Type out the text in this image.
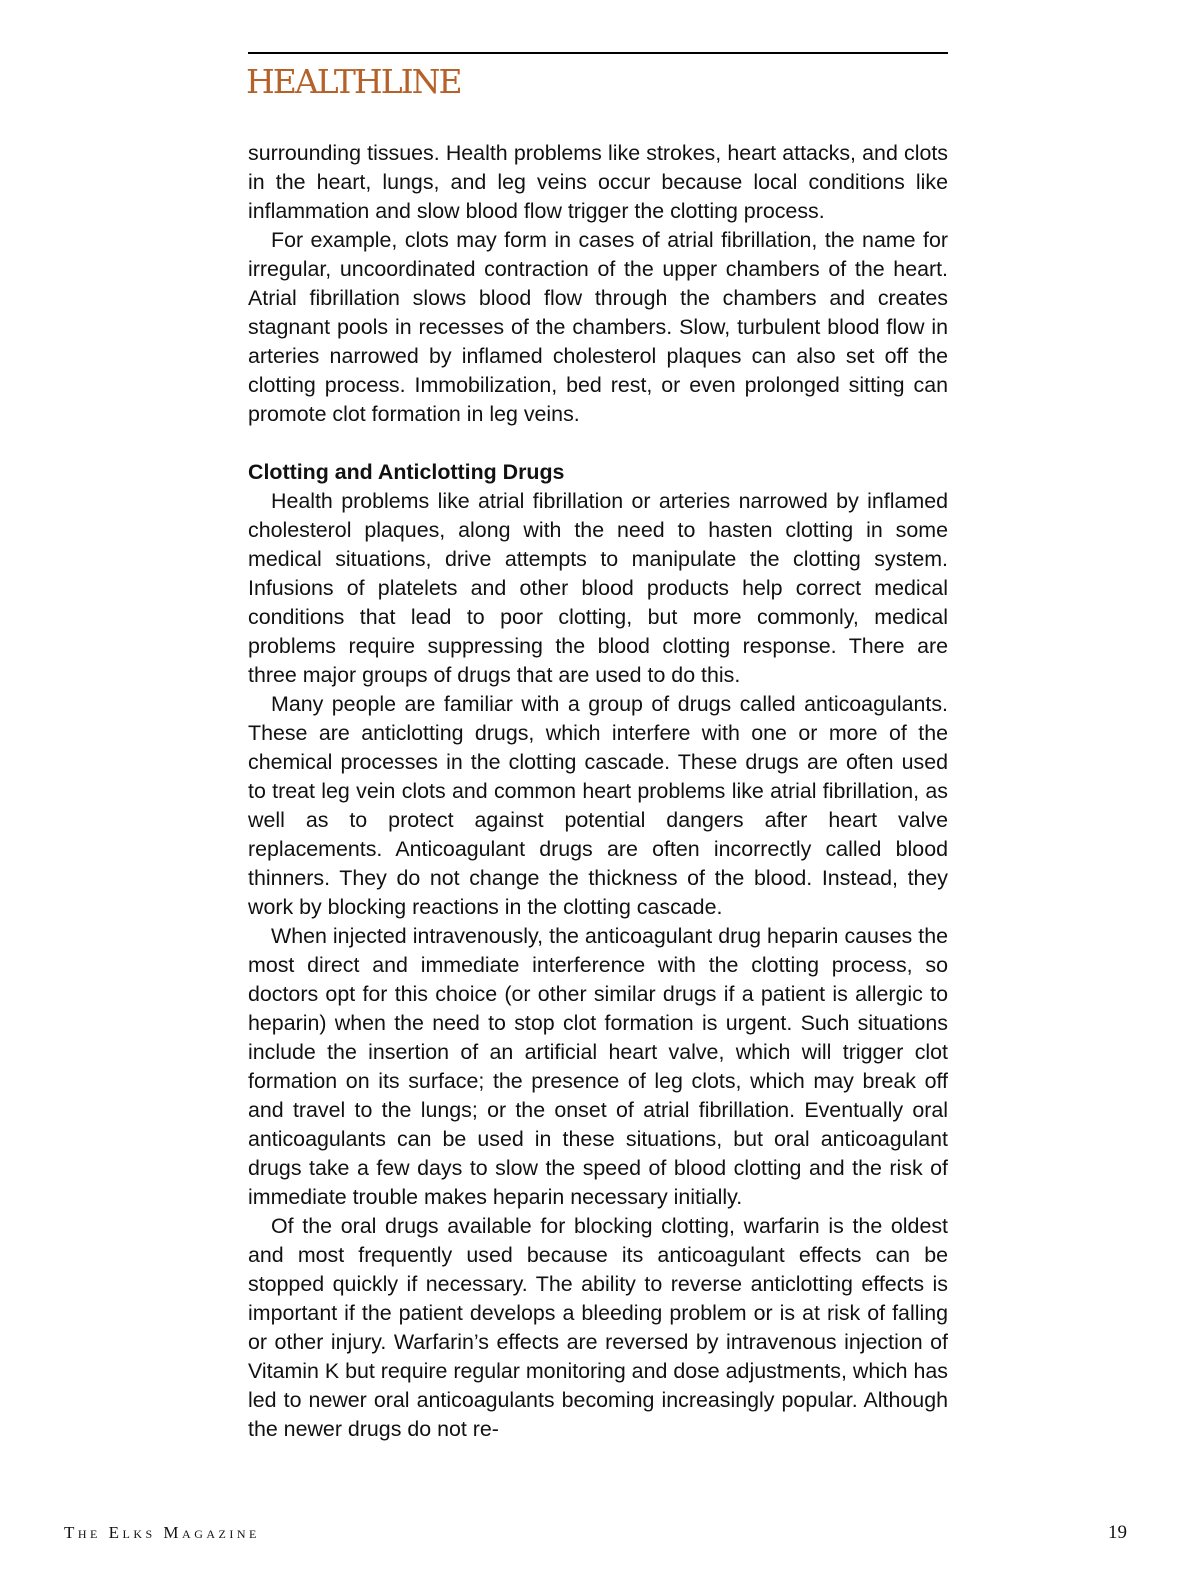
HEALTHLINE

surrounding tissues. Health problems like strokes, heart attacks, and clots in the heart, lungs, and leg veins occur because local conditions like inflammation and slow blood flow trigger the clotting process.

For example, clots may form in cases of atrial fibrillation, the name for irregular, uncoordinated contraction of the upper chambers of the heart. Atrial fibrillation slows blood flow through the chambers and creates stagnant pools in recesses of the chambers. Slow, turbulent blood flow in arteries narrowed by inflamed cholesterol plaques can also set off the clotting process. Immobilization, bed rest, or even prolonged sitting can promote clot formation in leg veins.

Clotting and Anticlotting Drugs

Health problems like atrial fibrillation or arteries narrowed by inflamed cholesterol plaques, along with the need to hasten clotting in some medical situations, drive attempts to manipulate the clotting system. Infusions of platelets and other blood products help correct medical conditions that lead to poor clotting, but more commonly, medical problems require suppressing the blood clotting response. There are three major groups of drugs that are used to do this.

Many people are familiar with a group of drugs called anticoagulants. These are anticlotting drugs, which interfere with one or more of the chemical processes in the clotting cascade. These drugs are often used to treat leg vein clots and common heart problems like atrial fibrillation, as well as to protect against potential dangers after heart valve replacements. Anticoagulant drugs are often incorrectly called blood thinners. They do not change the thickness of the blood. Instead, they work by blocking reactions in the clotting cascade.

When injected intravenously, the anticoagulant drug heparin causes the most direct and immediate interference with the clotting process, so doctors opt for this choice (or other similar drugs if a patient is allergic to heparin) when the need to stop clot formation is urgent. Such situations include the insertion of an artificial heart valve, which will trigger clot formation on its surface; the presence of leg clots, which may break off and travel to the lungs; or the onset of atrial fibrillation. Eventually oral anticoagulants can be used in these situations, but oral anticoagulant drugs take a few days to slow the speed of blood clotting and the risk of immediate trouble makes heparin necessary initially.

Of the oral drugs available for blocking clotting, warfarin is the oldest and most frequently used because its anticoagulant effects can be stopped quickly if necessary. The ability to reverse anticlotting effects is important if the patient develops a bleeding problem or is at risk of falling or other injury. Warfarin’s effects are reversed by intravenous injection of Vitamin K but require regular monitoring and dose adjustments, which has led to newer oral anticoagulants becoming increasingly popular. Although the newer drugs do not re-

The Elks Magazine	19
